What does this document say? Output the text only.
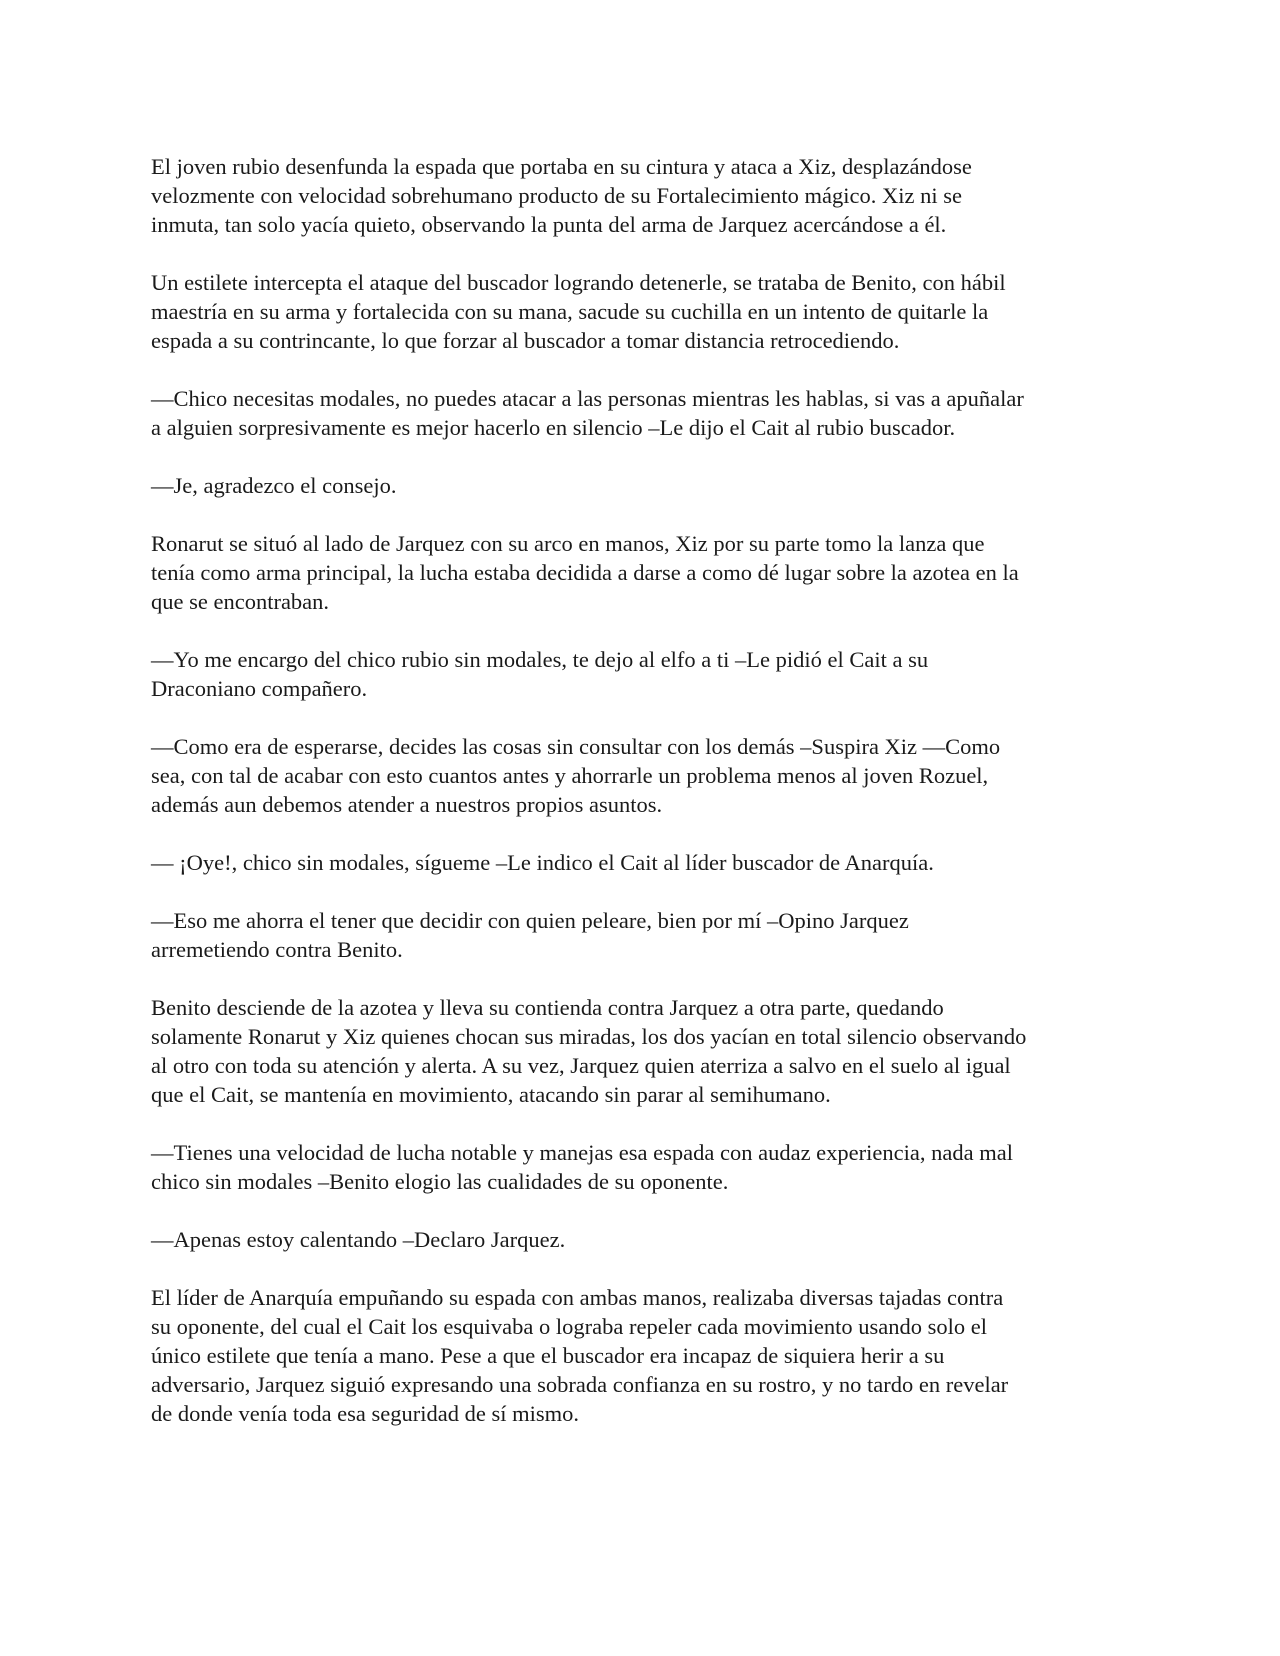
El joven rubio desenfunda la espada que portaba en su cintura y ataca a Xiz, desplazándose
velozmente con velocidad sobrehumano producto de su Fortalecimiento mágico. Xiz ni se
inmuta, tan solo yacía quieto, observando la punta del arma de Jarquez acercándose a él.

Un estilete intercepta el ataque del buscador logrando detenerle, se trataba de Benito, con hábil
maestría en su arma y fortalecida con su mana, sacude su cuchilla en un intento de quitarle la
espada a su contrincante, lo que forzar al buscador a tomar distancia retrocediendo.

—Chico necesitas modales, no puedes atacar a las personas mientras les hablas, si vas a apuñalar
a alguien sorpresivamente es mejor hacerlo en silencio –Le dijo el Cait al rubio buscador.

—Je, agradezco el consejo.

Ronarut se situó al lado de Jarquez con su arco en manos, Xiz por su parte tomo la lanza que
tenía como arma principal, la lucha estaba decidida a darse a como dé lugar sobre la azotea en la
que se encontraban.

—Yo me encargo del chico rubio sin modales, te dejo al elfo a ti –Le pidió el Cait a su
Draconiano compañero.

—Como era de esperarse, decides las cosas sin consultar con los demás –Suspira Xiz —Como
sea, con tal de acabar con esto cuantos antes y ahorrarle un problema menos al joven Rozuel,
además aun debemos atender a nuestros propios asuntos.

— ¡Oye!, chico sin modales, sígueme –Le indico el Cait al líder buscador de Anarquía.

—Eso me ahorra el tener que decidir con quien peleare, bien por mí –Opino Jarquez
arremetiendo contra Benito.

Benito desciende de la azotea y lleva su contienda contra Jarquez a otra parte, quedando
solamente Ronarut y Xiz quienes chocan sus miradas, los dos yacían en total silencio observando
al otro con toda su atención y alerta. A su vez, Jarquez quien aterriza a salvo en el suelo al igual
que el Cait, se mantenía en movimiento, atacando sin parar al semihumano.

—Tienes una velocidad de lucha notable y manejas esa espada con audaz experiencia, nada mal
chico sin modales –Benito elogio las cualidades de su oponente.

—Apenas estoy calentando –Declaro Jarquez.

El líder de Anarquía empuñando su espada con ambas manos, realizaba diversas tajadas contra
su oponente, del cual el Cait los esquivaba o lograba repeler cada movimiento usando solo el
único estilete que tenía a mano. Pese a que el buscador era incapaz de siquiera herir a su
adversario, Jarquez siguió expresando una sobrada confianza en su rostro, y no tardo en revelar
de donde venía toda esa seguridad de sí mismo.
